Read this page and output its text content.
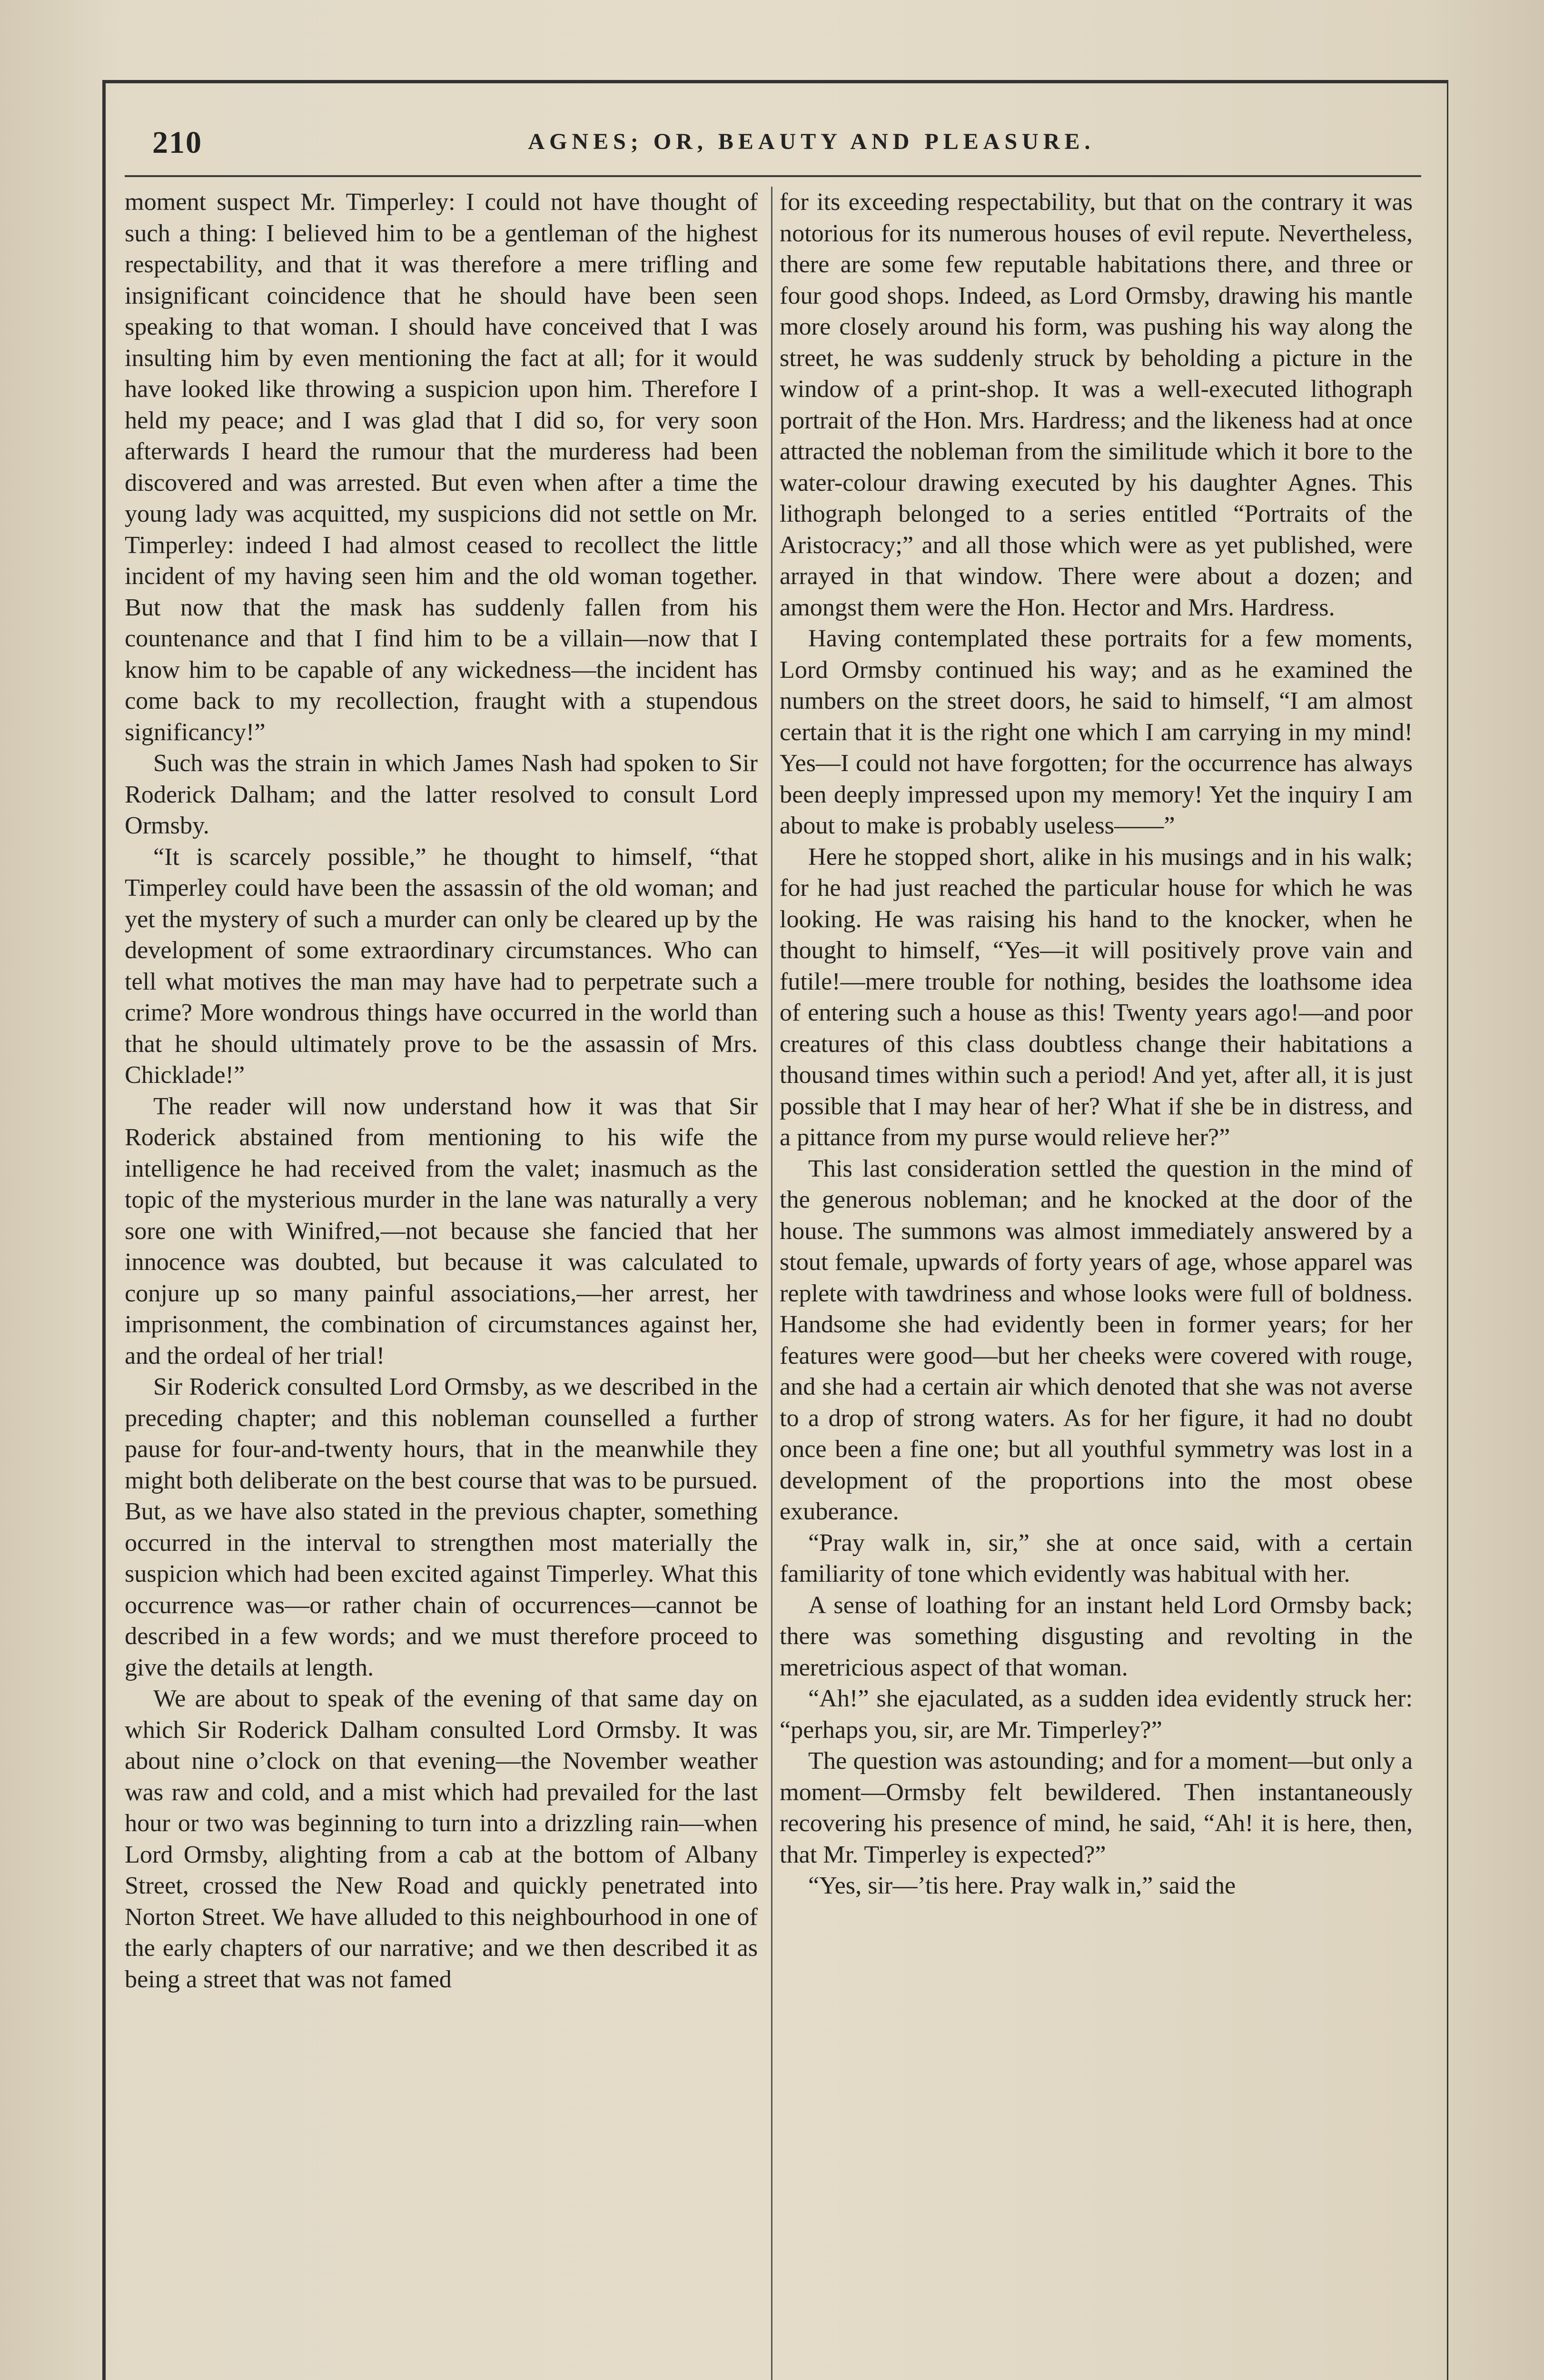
210	AGNES; OR, BEAUTY AND PLEASURE.

moment suspect Mr. Timperley: I could not have thought of such a thing: I believed him to be a gentleman of the highest respectability, and that it was therefore a mere trifling and insignificant coincidence that he should have been seen speaking to that woman. I should have conceived that I was insulting him by even mentioning the fact at all; for it would have looked like throwing a suspicion upon him. Therefore I held my peace; and I was glad that I did so, for very soon afterwards I heard the rumour that the murderess had been discovered and was arrested. But even when after a time the young lady was acquitted, my suspicions did not settle on Mr. Timperley: indeed I had almost ceased to recollect the little incident of my having seen him and the old woman together. But now that the mask has suddenly fallen from his countenance and that I find him to be a villain—now that I know him to be capable of any wickedness—the incident has come back to my recollection, fraught with a stupendous significancy!”

Such was the strain in which James Nash had spoken to Sir Roderick Dalham; and the latter resolved to consult Lord Ormsby.

“It is scarcely possible,” he thought to himself, “that Timperley could have been the assassin of the old woman; and yet the mystery of such a murder can only be cleared up by the development of some extraordinary circumstances. Who can tell what motives the man may have had to perpetrate such a crime? More wondrous things have occurred in the world than that he should ultimately prove to be the assassin of Mrs. Chicklade!”

The reader will now understand how it was that Sir Roderick abstained from mentioning to his wife the intelligence he had received from the valet; inasmuch as the topic of the mysterious murder in the lane was naturally a very sore one with Winifred,—not because she fancied that her innocence was doubted, but because it was calculated to conjure up so many painful associations,—her arrest, her imprisonment, the combination of circumstances against her, and the ordeal of her trial!

Sir Roderick consulted Lord Ormsby, as we described in the preceding chapter; and this nobleman counselled a further pause for four-and-twenty hours, that in the meanwhile they might both deliberate on the best course that was to be pursued. But, as we have also stated in the previous chapter, something occurred in the interval to strengthen most materially the suspicion which had been excited against Timperley. What this occurrence was—or rather chain of occurrences—cannot be described in a few words; and we must therefore proceed to give the details at length.

We are about to speak of the evening of that same day on which Sir Roderick Dalham consulted Lord Ormsby. It was about nine o’clock on that evening—the November weather was raw and cold, and a mist which had prevailed for the last hour or two was beginning to turn into a drizzling rain—when Lord Ormsby, alighting from a cab at the bottom of Albany Street, crossed the New Road and quickly penetrated into Norton Street. We have alluded to this neighbourhood in one of the early chapters of our narrative; and we then described it as being a street that was not famed

for its exceeding respectability, but that on the contrary it was notorious for its numerous houses of evil repute. Nevertheless, there are some few reputable habitations there, and three or four good shops. Indeed, as Lord Ormsby, drawing his mantle more closely around his form, was pushing his way along the street, he was suddenly struck by beholding a picture in the window of a print-shop. It was a well-executed lithograph portrait of the Hon. Mrs. Hardress; and the likeness had at once attracted the nobleman from the similitude which it bore to the water-colour drawing executed by his daughter Agnes. This lithograph belonged to a series entitled “Portraits of the Aristocracy;” and all those which were as yet published, were arrayed in that window. There were about a dozen; and amongst them were the Hon. Hector and Mrs. Hardress.

Having contemplated these portraits for a few moments, Lord Ormsby continued his way; and as he examined the numbers on the street doors, he said to himself, “I am almost certain that it is the right one which I am carrying in my mind! Yes—I could not have forgotten; for the occurrence has always been deeply impressed upon my memory! Yet the inquiry I am about to make is probably useless——”

Here he stopped short, alike in his musings and in his walk; for he had just reached the particular house for which he was looking. He was raising his hand to the knocker, when he thought to himself, “Yes—it will positively prove vain and futile!—mere trouble for nothing, besides the loathsome idea of entering such a house as this! Twenty years ago!—and poor creatures of this class doubtless change their habitations a thousand times within such a period! And yet, after all, it is just possible that I may hear of her? What if she be in distress, and a pittance from my purse would relieve her?”

This last consideration settled the question in the mind of the generous nobleman; and he knocked at the door of the house. The summons was almost immediately answered by a stout female, upwards of forty years of age, whose apparel was replete with tawdriness and whose looks were full of boldness. Handsome she had evidently been in former years; for her features were good—but her cheeks were covered with rouge, and she had a certain air which denoted that she was not averse to a drop of strong waters. As for her figure, it had no doubt once been a fine one; but all youthful symmetry was lost in a development of the proportions into the most obese exuberance.

“Pray walk in, sir,” she at once said, with a certain familiarity of tone which evidently was habitual with her.

A sense of loathing for an instant held Lord Ormsby back; there was something disgusting and revolting in the meretricious aspect of that woman.

“Ah!” she ejaculated, as a sudden idea evidently struck her: “perhaps you, sir, are Mr. Timperley?”

The question was astounding; and for a moment—but only a moment—Ormsby felt bewildered. Then instantaneously recovering his presence of mind, he said, “Ah! it is here, then, that Mr. Timperley is expected?”

“Yes, sir—’tis here. Pray walk in,” said the
